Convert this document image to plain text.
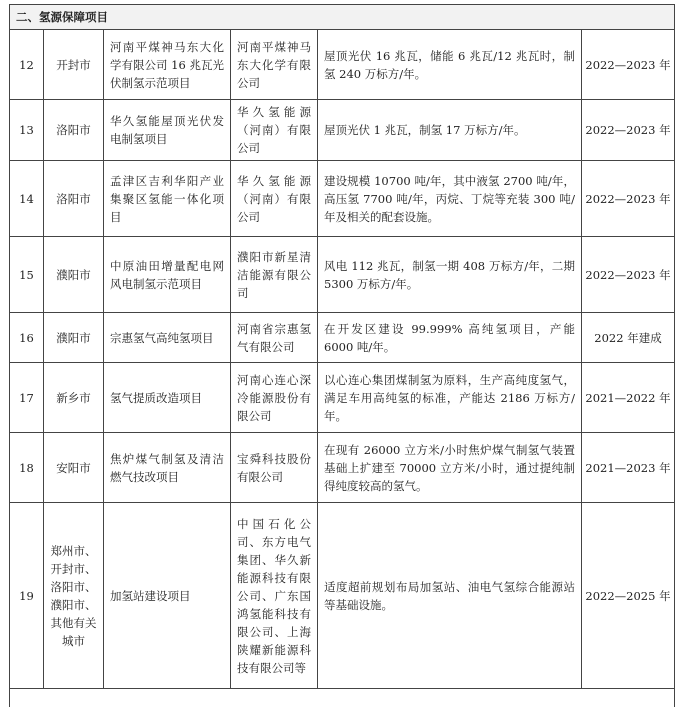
二、氢源保障项目					
12	开封市	河南平煤神马东大化学有限公司 16 兆瓦光伏制氢示范项目	河南平煤神马东大化学有限公司	屋顶光伏 16 兆瓦，储能 6 兆瓦/12 兆瓦时，制氢 240 万标方/年。	2022—2023 年
13	洛阳市	华久氢能屋顶光伏发电制氢项目	华久氢能源（河南）有限公司	屋顶光伏 1 兆瓦，制氢 17 万标方/年。	2022—2023 年
14	洛阳市	孟津区吉利华阳产业集聚区氢能一体化项目	华久氢能源（河南）有限公司	建设规模 10700 吨/年，其中液氢 2700 吨/年，高压氢 7700 吨/年，丙烷、丁烷等充装 300 吨/年及相关的配套设施。	2022—2023 年
15	濮阳市	中原油田增量配电网风电制氢示范项目	濮阳市新星清洁能源有限公司	风电 112 兆瓦，制氢一期 408 万标方/年，二期 5300 万标方/年。	2022—2023 年
16	濮阳市	宗惠氢气高纯氢项目	河南省宗惠氢气有限公司	在开发区建设 99.999% 高纯氢项目，产能 6000 吨/年。	2022 年建成
17	新乡市	氢气提质改造项目	河南心连心深冷能源股份有限公司	以心连心集团煤制氢为原料，生产高纯度氢气，满足车用高纯氢的标准，产能达 2186 万标方/年。	2021—2022 年
18	安阳市	焦炉煤气制氢及清洁燃气技改项目	宝舜科技股份有限公司	在现有 26000 立方米/小时焦炉煤气制氢气装置基础上扩建至 70000 立方米/小时，通过提纯制得纯度较高的氢气。	2021—2023 年
19	郑州市、开封市、洛阳市、濮阳市、其他有关城市	加氢站建设项目	中国石化公司、东方电气集团、华久新能源科技有限公司、广东国鸿氢能科技有限公司、上海陕耀新能源科技有限公司等	适度超前规划布局加氢站、油电气氢综合能源站等基础设施。	2022—2025 年
